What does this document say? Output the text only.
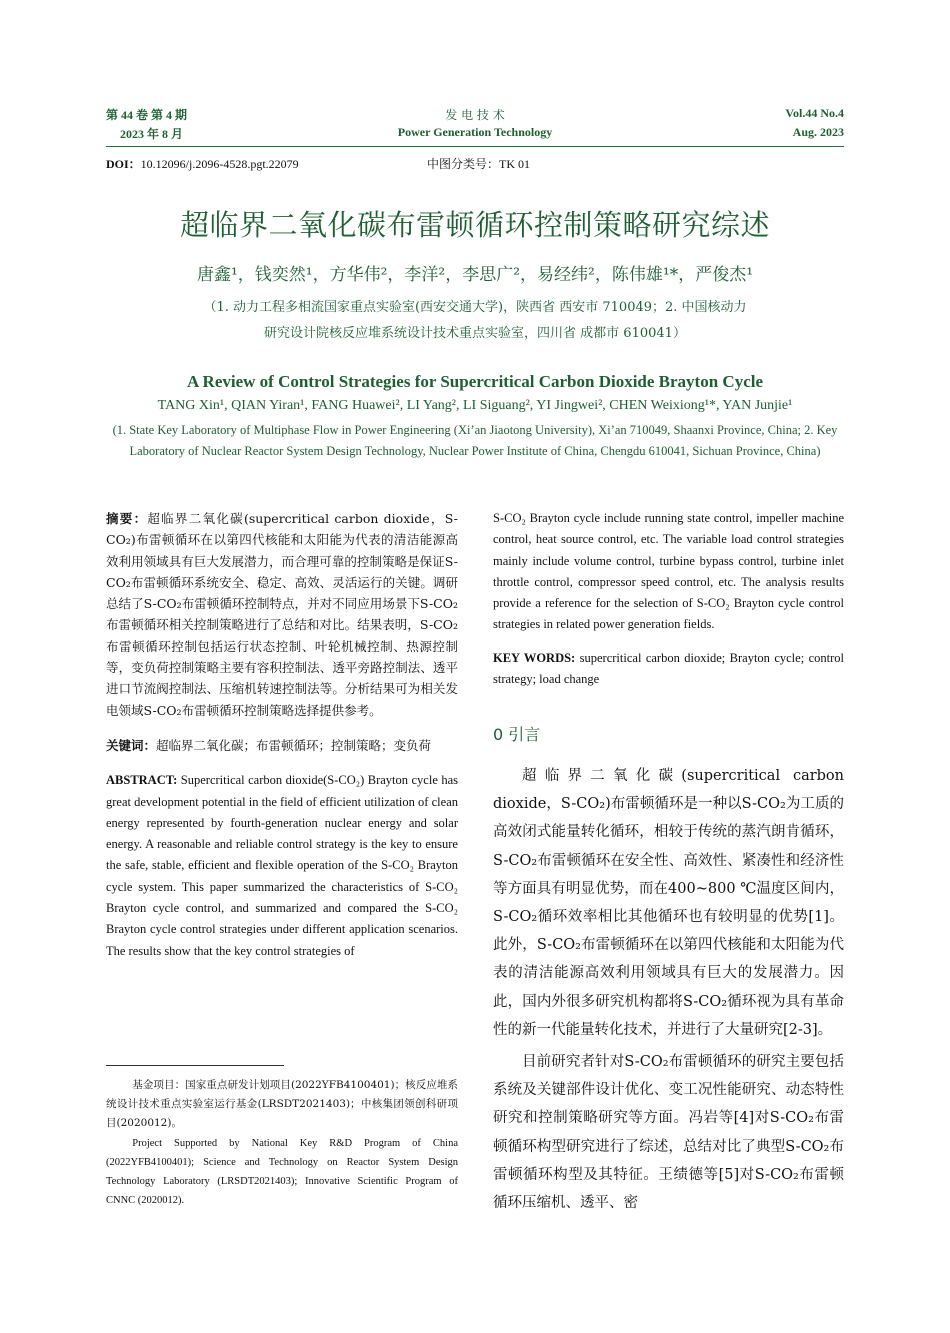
第 44 卷 第 4 期
2023 年 8 月
发 电 技 术
Power Generation Technology
Vol.44 No.4
Aug. 2023
DOI：10.12096/j.2096-4528.pgt.22079	中图分类号：TK 01
超临界二氧化碳布雷顿循环控制策略研究综述
唐鑫¹，钱奕然¹，方华伟²，李洋²，李思广²，易经纬²，陈伟雄¹*，严俊杰¹
（1. 动力工程多相流国家重点实验室(西安交通大学)，陕西省 西安市 710049；2. 中国核动力
研究设计院核反应堆系统设计技术重点实验室，四川省 成都市 610041）
A Review of Control Strategies for Supercritical Carbon Dioxide Brayton Cycle
TANG Xin¹, QIAN Yiran¹, FANG Huawei², LI Yang², LI Siguang², YI Jingwei², CHEN Weixiong¹*, YAN Junjie¹
(1. State Key Laboratory of Multiphase Flow in Power Engineering (Xi’an Jiaotong University), Xi’an 710049, Shaanxi Province, China; 2. Key Laboratory of Nuclear Reactor System Design Technology, Nuclear Power Institute of China, Chengdu 610041, Sichuan Province, China)

摘要：超临界二氧化碳(supercritical carbon dioxide，S-CO₂)布雷顿循环在以第四代核能和太阳能为代表的清洁能源高效利用领域具有巨大发展潜力，而合理可靠的控制策略是保证S-CO₂布雷顿循环系统安全、稳定、高效、灵活运行的关键。调研总结了S-CO₂布雷顿循环控制特点，并对不同应用场景下S-CO₂布雷顿循环相关控制策略进行了总结和对比。结果表明，S-CO₂布雷顿循环控制包括运行状态控制、叶轮机械控制、热源控制等，变负荷控制策略主要有容积控制法、透平旁路控制法、透平进口节流阀控制法、压缩机转速控制法等。分析结果可为相关发电领域S-CO₂布雷顿循环控制策略选择提供参考。

关键词：超临界二氧化碳；布雷顿循环；控制策略；变负荷

ABSTRACT: Supercritical carbon dioxide(S-CO₂) Brayton cycle has great development potential in the field of efficient utilization of clean energy represented by fourth-generation nuclear energy and solar energy. A reasonable and reliable control strategy is the key to ensure the safe, stable, efficient and flexible operation of the S-CO₂ Brayton cycle system. This paper summarized the characteristics of S-CO₂ Brayton cycle control, and summarized and compared the S-CO₂ Brayton cycle control strategies under different application scenarios. The results show that the key control strategies of

基金项目：国家重点研发计划项目(2022YFB4100401)；核反应堆系统设计技术重点实验室运行基金(LRSDT2021403)；中核集团领创科研项目(2020012)。
Project Supported by National Key R&D Program of China (2022YFB4100401); Science and Technology on Reactor System Design Technology Laboratory (LRSDT2021403); Innovative Scientific Program of CNNC (2020012).

S-CO₂ Brayton cycle include running state control, impeller machine control, heat source control, etc. The variable load control strategies mainly include volume control, turbine bypass control, turbine inlet throttle control, compressor speed control, etc. The analysis results provide a reference for the selection of S-CO₂ Brayton cycle control strategies in related power generation fields.

KEY WORDS: supercritical carbon dioxide; Brayton cycle; control strategy; load change

0 引言

超临界二氧化碳(supercritical carbon dioxide，S-CO₂)布雷顿循环是一种以S-CO₂为工质的高效闭式能量转化循环，相较于传统的蒸汽朗肯循环，S-CO₂布雷顿循环在安全性、高效性、紧凑性和经济性等方面具有明显优势，而在400~800 ℃温度区间内，S-CO₂循环效率相比其他循环也有较明显的优势[1]。此外，S-CO₂布雷顿循环在以第四代核能和太阳能为代表的清洁能源高效利用领域具有巨大的发展潜力。因此，国内外很多研究机构都将S-CO₂循环视为具有革命性的新一代能量转化技术，并进行了大量研究[2-3]。

目前研究者针对S-CO₂布雷顿循环的研究主要包括系统及关键部件设计优化、变工况性能研究、动态特性研究和控制策略研究等方面。冯岩等[4]对S-CO₂布雷顿循环构型研究进行了综述，总结对比了典型S-CO₂布雷顿循环构型及其特征。王绩德等[5]对S-CO₂布雷顿循环压缩机、透平、密
